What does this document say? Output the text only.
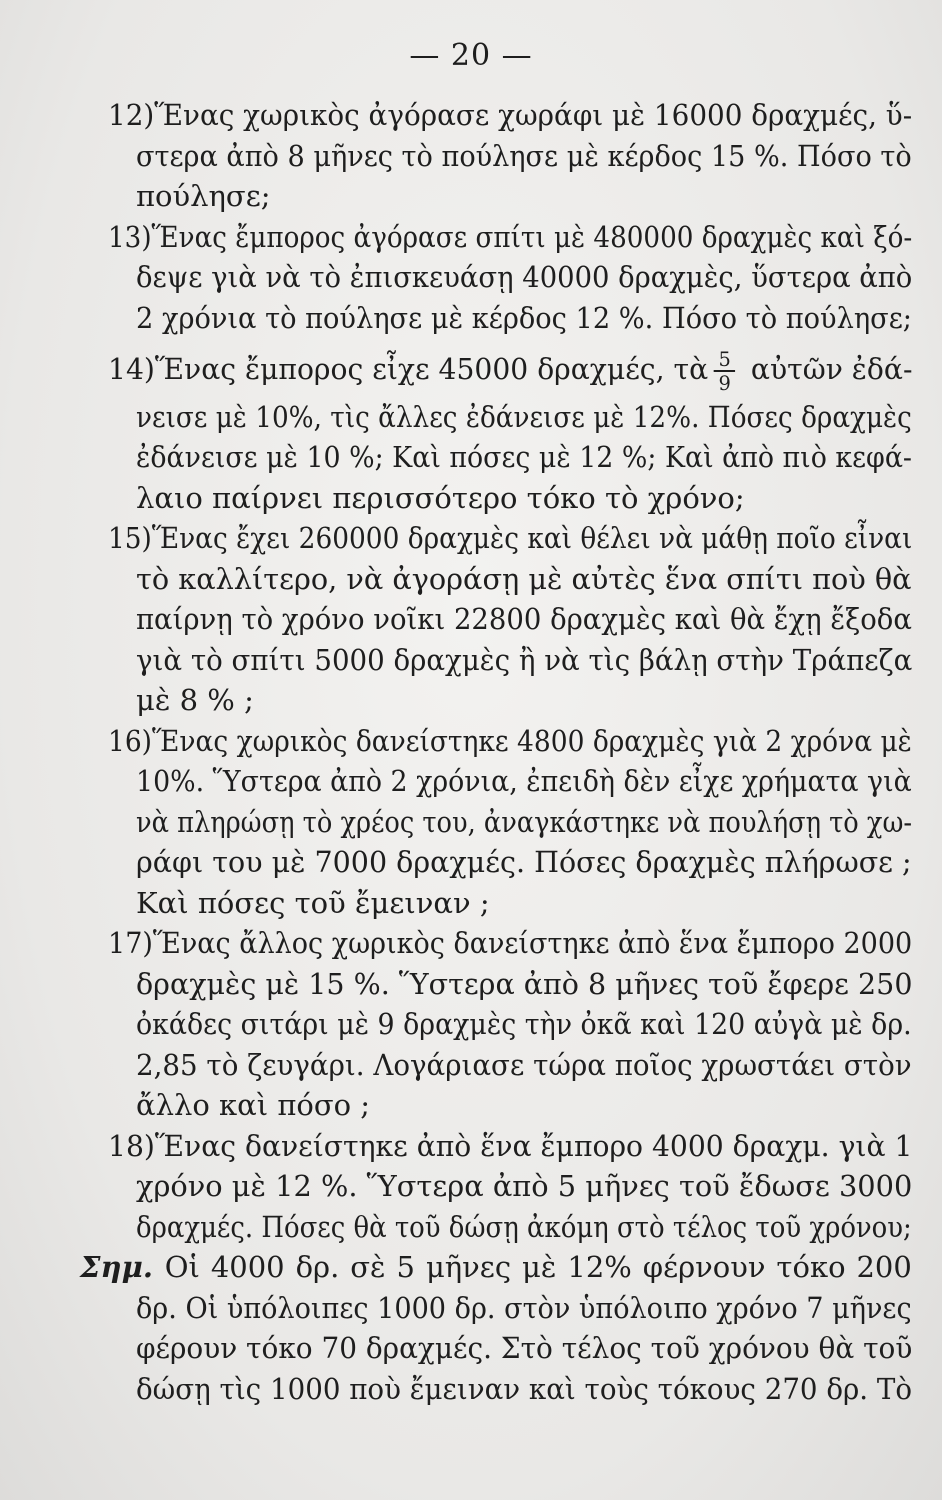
— 20 —
12)Ἕνας χωρικὸς ἀγόρασε χωράφι μὲ 16000 δραχμές, ὕ-
στερα ἀπὸ 8 μῆνες τὸ πούλησε μὲ κέρδος 15 %. Πόσο τὸ
πούλησε;
13)Ἕνας ἔμπορος ἀγόρασε σπίτι μὲ 480000 δραχμὲς καὶ ξό-
δεψε γιὰ νὰ τὸ ἐπισκευάσῃ 40000 δραχμὲς, ὕστερα ἀπὸ
2 χρόνια τὸ πούλησε μὲ κέρδος 12 %. Πόσο τὸ πούλησε;
14)Ἕνας ἔμπορος εἶχε 45000 δραχμές, τὰ $\frac{5}{9}$ αὐτῶν ἐδά-
νεισε μὲ 10%, τὶς ἄλλες ἐδάνεισε μὲ 12%. Πόσες δραχμὲς
ἐδάνεισε μὲ 10 %; Καὶ πόσες μὲ 12 %; Καὶ ἀπὸ πιὸ κεφά-
λαιο παίρνει περισσότερο τόκο τὸ χρόνο;
15)Ἕνας ἔχει 260000 δραχμὲς καὶ θέλει νὰ μάθῃ ποῖο εἶναι
τὸ καλλίτερο, νὰ ἀγοράσῃ μὲ αὐτὲς ἕνα σπίτι ποὺ θὰ
παίρνῃ τὸ χρόνο νοῖκι 22800 δραχμὲς καὶ θὰ ἔχῃ ἔξοδα
γιὰ τὸ σπίτι 5000 δραχμὲς ἢ νὰ τὶς βάλῃ στὴν Τράπεζα
μὲ 8 % ;
16)Ἕνας χωρικὸς δανείστηκε 4800 δραχμὲς γιὰ 2 χρόνα μὲ
10%. Ὕστερα ἀπὸ 2 χρόνια, ἐπειδὴ δὲν εἶχε χρήματα γιὰ
νὰ πληρώσῃ τὸ χρέος του, ἀναγκάστηκε νὰ πουλήσῃ τὸ χω-
ράφι του μὲ 7000 δραχμές. Πόσες δραχμὲς πλήρωσε ;
Καὶ πόσες τοῦ ἔμειναν ;
17)Ἕνας ἄλλος χωρικὸς δανείστηκε ἀπὸ ἕνα ἔμπορο 2000
δραχμὲς μὲ 15 %. Ὕστερα ἀπὸ 8 μῆνες τοῦ ἔφερε 250
ὀκάδες σιτάρι μὲ 9 δραχμὲς τὴν ὀκᾶ καὶ 120 αὐγὰ μὲ δρ.
2,85 τὸ ζευγάρι. Λογάριασε τώρα ποῖος χρωστάει στὸν
ἄλλο καὶ πόσο ;
18)Ἕνας δανείστηκε ἀπὸ ἕνα ἔμπορο 4000 δραχμ. γιὰ 1
χρόνο μὲ 12 %. Ὕστερα ἀπὸ 5 μῆνες τοῦ ἔδωσε 3000
δραχμές. Πόσες θὰ τοῦ δώσῃ ἀκόμη στὸ τέλος τοῦ χρόνου;
Σημ. Οἱ 4000 δρ. σὲ 5 μῆνες μὲ 12% φέρνουν τόκο 200
δρ. Οἱ ὑπόλοιπες 1000 δρ. στὸν ὑπόλοιπο χρόνο 7 μῆνες
φέρουν τόκο 70 δραχμές. Στὸ τέλος τοῦ χρόνου θὰ τοῦ
δώσῃ τὶς 1000 ποὺ ἔμειναν καὶ τοὺς τόκους 270 δρ. Τὸ
